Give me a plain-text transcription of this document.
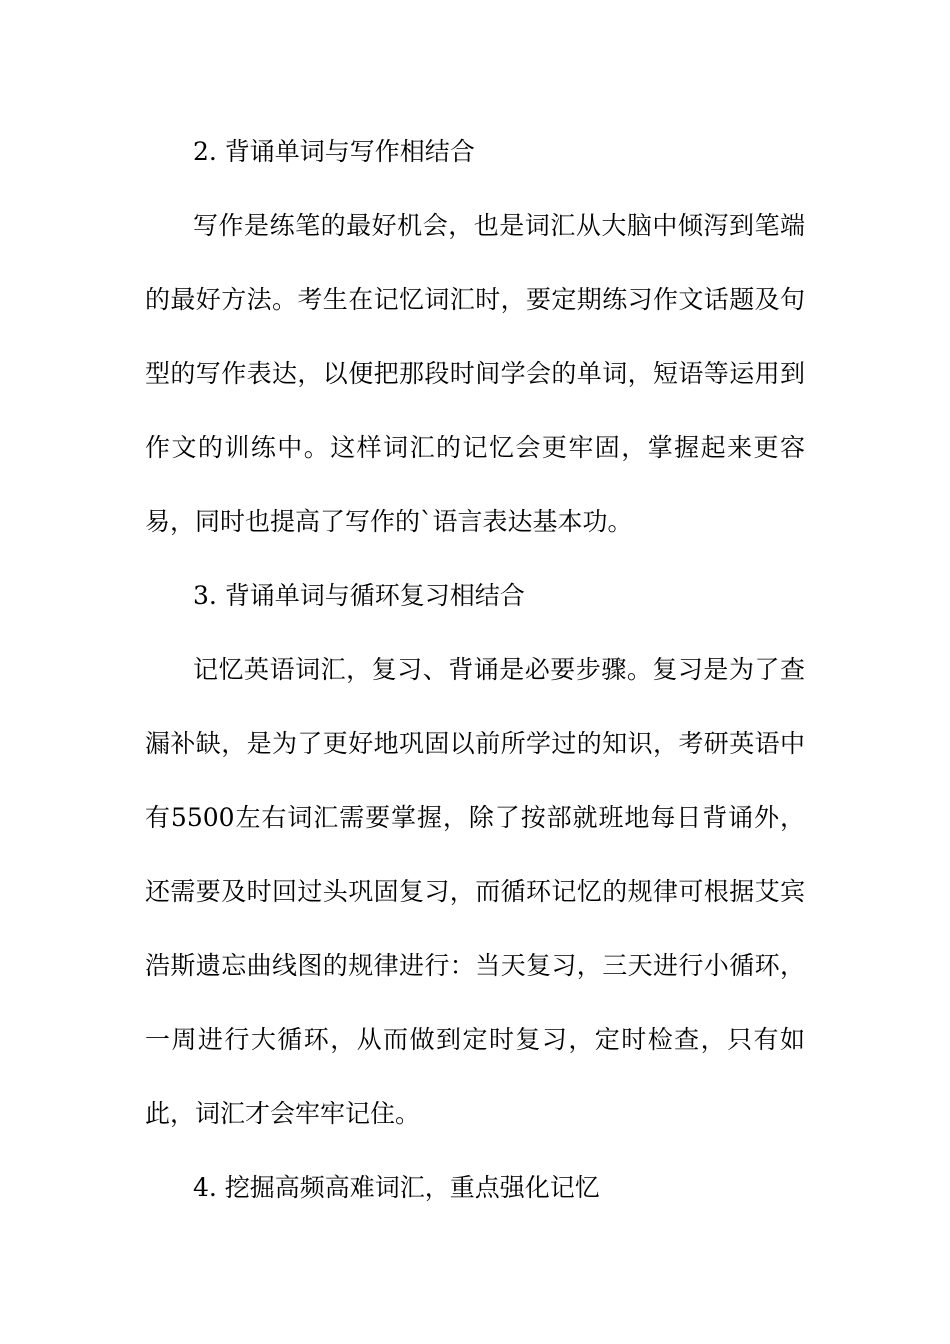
2. 背诵单词与写作相结合

写作是练笔的最好机会，也是词汇从大脑中倾泻到笔端的最好方法。考生在记忆词汇时，要定期练习作文话题及句型的写作表达，以便把那段时间学会的单词，短语等运用到作文的训练中。这样词汇的记忆会更牢固，掌握起来更容易，同时也提高了写作的`语言表达基本功。

3. 背诵单词与循环复习相结合

记忆英语词汇，复习、背诵是必要步骤。复习是为了查漏补缺，是为了更好地巩固以前所学过的知识，考研英语中有5500左右词汇需要掌握，除了按部就班地每日背诵外，还需要及时回过头巩固复习，而循环记忆的规律可根据艾宾浩斯遗忘曲线图的规律进行：当天复习，三天进行小循环，一周进行大循环，从而做到定时复习，定时检查，只有如此，词汇才会牢牢记住。

4. 挖掘高频高难词汇，重点强化记忆
